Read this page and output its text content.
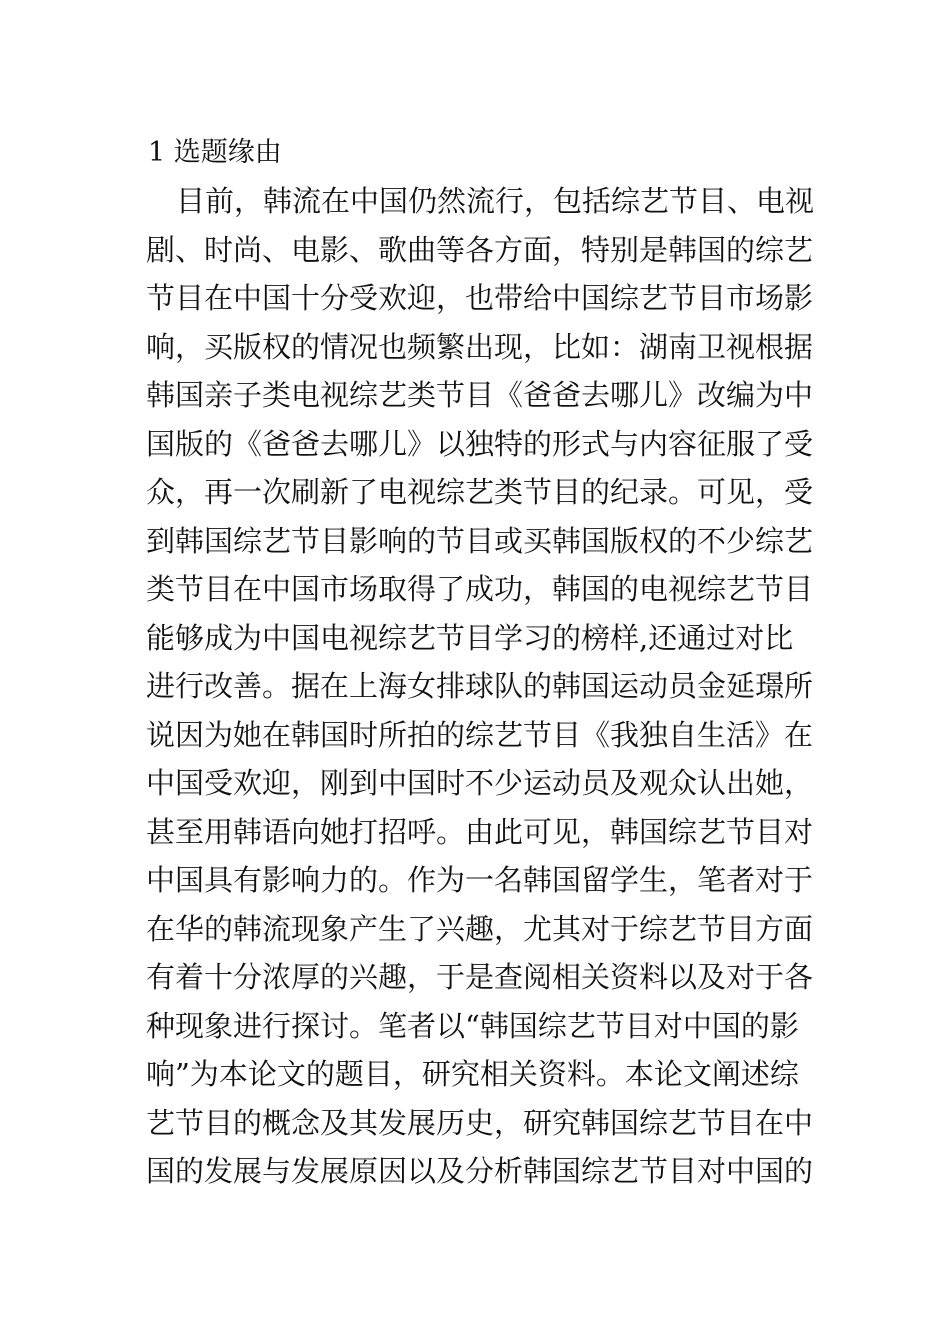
1 选题缘由
目前，韩流在中国仍然流行，包括综艺节目、电视
剧、时尚、电影、歌曲等各方面，特别是韩国的综艺
节目在中国十分受欢迎，也带给中国综艺节目市场影
响，买版权的情况也频繁出现，比如：湖南卫视根据
韩国亲子类电视综艺类节目《爸爸去哪儿》改编为中
国版的《爸爸去哪儿》以独特的形式与内容征服了受
众，再一次刷新了电视综艺类节目的纪录。可见，受
到韩国综艺节目影响的节目或买韩国版权的不少综艺
类节目在中国市场取得了成功，韩国的电视综艺节目
能够成为中国电视综艺节目学习的榜样,还通过对比
进行改善。据在上海女排球队的韩国运动员金延璟所
说因为她在韩国时所拍的综艺节目《我独自生活》在
中国受欢迎，刚到中国时不少运动员及观众认出她，
甚至用韩语向她打招呼。由此可见，韩国综艺节目对
中国具有影响力的。作为一名韩国留学生，笔者对于
在华的韩流现象产生了兴趣，尤其对于综艺节目方面
有着十分浓厚的兴趣，于是查阅相关资料以及对于各
种现象进行探讨。笔者以“韩国综艺节目对中国的影
响”为本论文的题目，研究相关资料。本论文阐述综
艺节目的概念及其发展历史，研究韩国综艺节目在中
国的发展与发展原因以及分析韩国综艺节目对中国的
